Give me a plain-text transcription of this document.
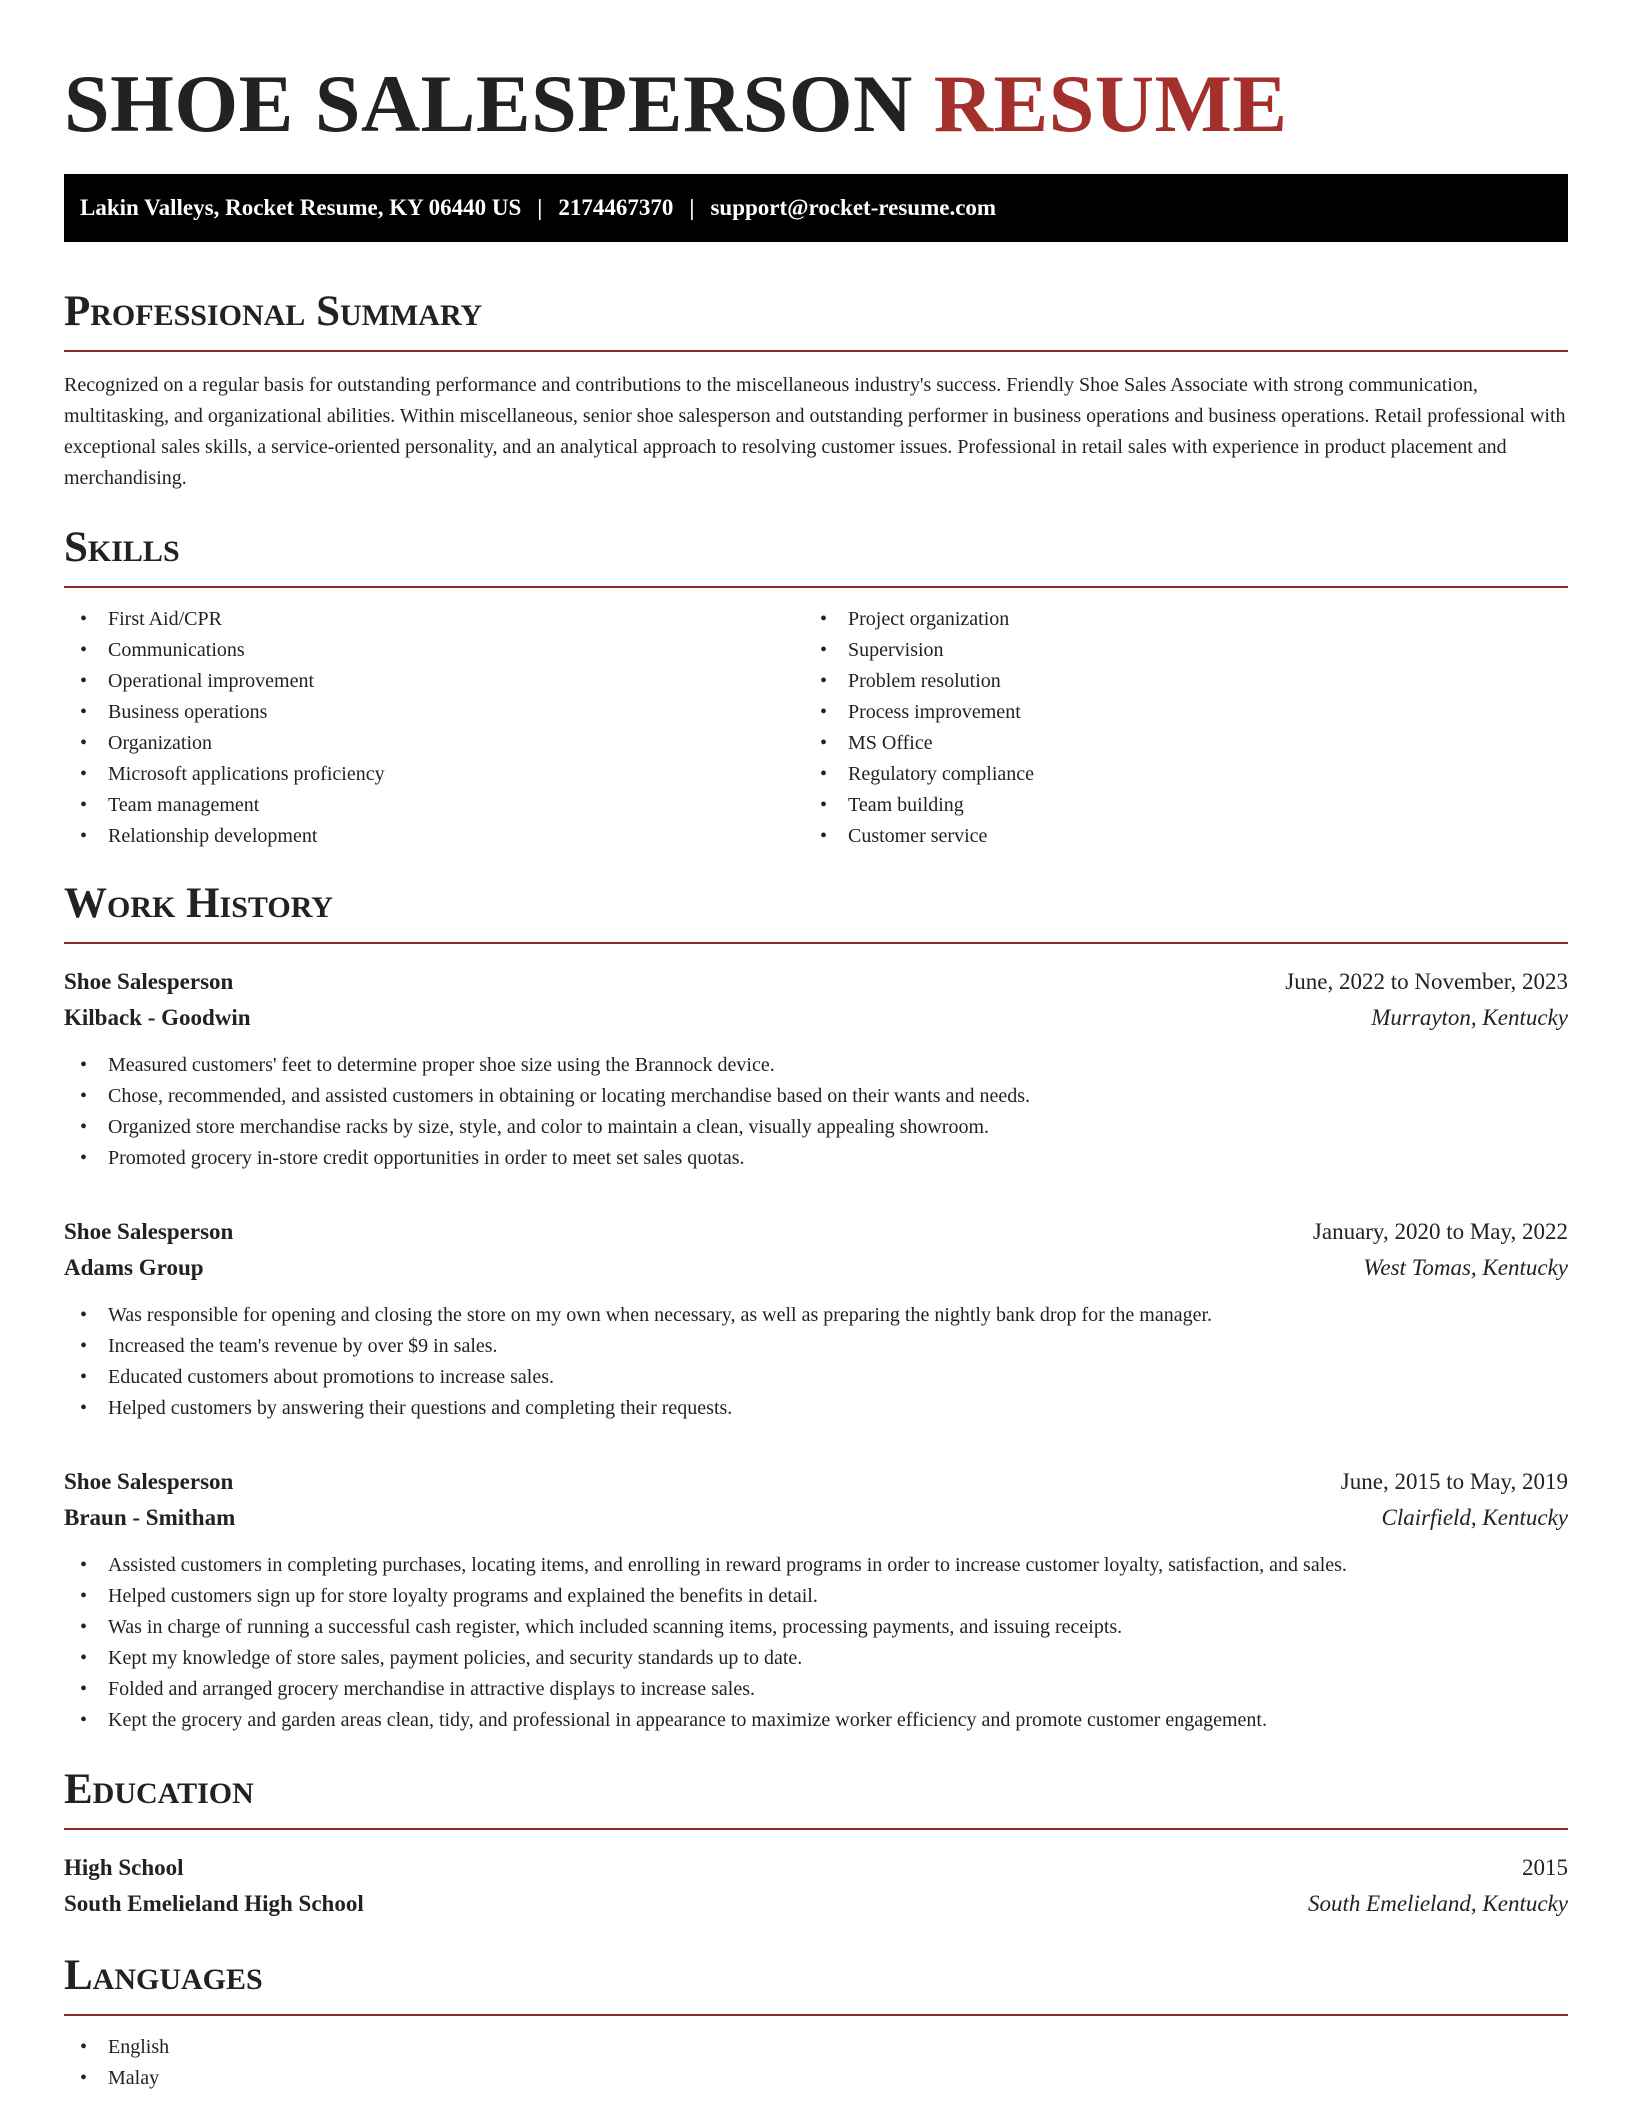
SHOE SALESPERSON RESUME
Lakin Valleys, Rocket Resume, KY 06440 US | 2174467370 | support@rocket-resume.com
Professional Summary

Recognized on a regular basis for outstanding performance and contributions to the miscellaneous industry's success. Friendly Shoe Sales Associate with strong communication, multitasking, and organizational abilities. Within miscellaneous, senior shoe salesperson and outstanding performer in business operations and business operations. Retail professional with exceptional sales skills, a service-oriented personality, and an analytical approach to resolving customer issues. Professional in retail sales with experience in product placement and merchandising.

Skills
• First Aid/CPR
• Communications
• Operational improvement
• Business operations
• Organization
• Microsoft applications proficiency
• Team management
• Relationship development
• Project organization
• Supervision
• Problem resolution
• Process improvement
• MS Office
• Regulatory compliance
• Team building
• Customer service
Work History
Shoe Salesperson	June, 2022 to November, 2023
Kilback - Goodwin	Murrayton, Kentucky
• Measured customers' feet to determine proper shoe size using the Brannock device.
• Chose, recommended, and assisted customers in obtaining or locating merchandise based on their wants and needs.
• Organized store merchandise racks by size, style, and color to maintain a clean, visually appealing showroom.
• Promoted grocery in-store credit opportunities in order to meet set sales quotas.
Shoe Salesperson	January, 2020 to May, 2022
Adams Group	West Tomas, Kentucky
• Was responsible for opening and closing the store on my own when necessary, as well as preparing the nightly bank drop for the manager.
• Increased the team's revenue by over $9 in sales.
• Educated customers about promotions to increase sales.
• Helped customers by answering their questions and completing their requests.
Shoe Salesperson	June, 2015 to May, 2019
Braun - Smitham	Clairfield, Kentucky
• Assisted customers in completing purchases, locating items, and enrolling in reward programs in order to increase customer loyalty, satisfaction, and sales.
• Helped customers sign up for store loyalty programs and explained the benefits in detail.
• Was in charge of running a successful cash register, which included scanning items, processing payments, and issuing receipts.
• Kept my knowledge of store sales, payment policies, and security standards up to date.
• Folded and arranged grocery merchandise in attractive displays to increase sales.
• Kept the grocery and garden areas clean, tidy, and professional in appearance to maximize worker efficiency and promote customer engagement.
Education
High School	2015
South Emelieland High School	South Emelieland, Kentucky
Languages
• English
• Malay
